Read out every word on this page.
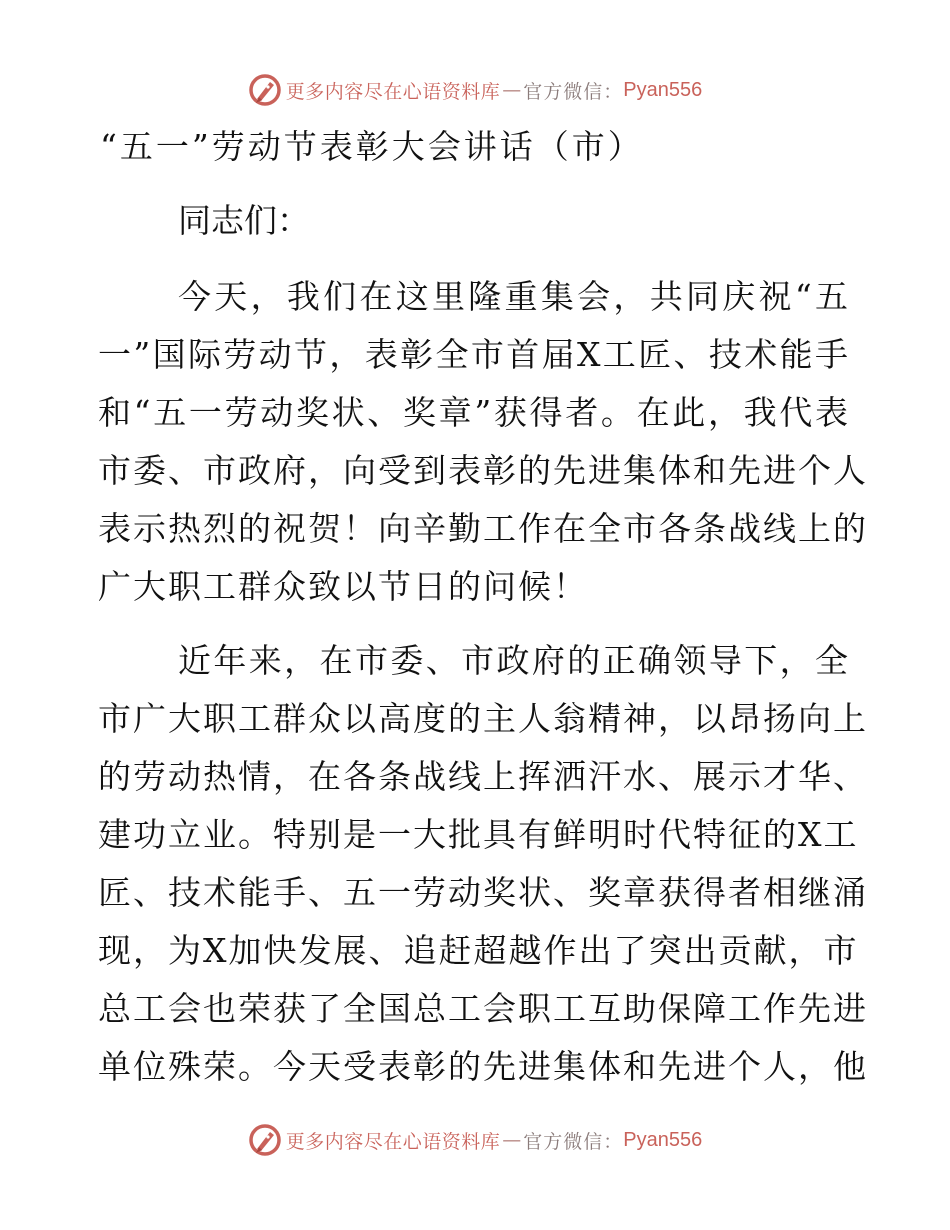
更多内容尽在心语资料库 — 官方微信： Pyan556
“五一”劳动节表彰大会讲话（市）

同志们：

今天，我们在这里隆重集会，共同庆祝“五
一”国际劳动节，表彰全市首届X工匠、技术能手
和“五一劳动奖状、奖章”获得者。在此，我代表
市委、市政府，向受到表彰的先进集体和先进个人
表示热烈的祝贺！向辛勤工作在全市各条战线上的
广大职工群众致以节日的问候！
近年来，在市委、市政府的正确领导下，全
市广大职工群众以高度的主人翁精神，以昂扬向上
的劳动热情，在各条战线上挥洒汗水、展示才华、
建功立业。特别是一大批具有鲜明时代特征的X工
匠、技术能手、五一劳动奖状、奖章获得者相继涌
现，为X加快发展、追赶超越作出了突出贡献，市
总工会也荣获了全国总工会职工互助保障工作先进
单位殊荣。今天受表彰的先进集体和先进个人，他
更多内容尽在心语资料库 — 官方微信： Pyan556
